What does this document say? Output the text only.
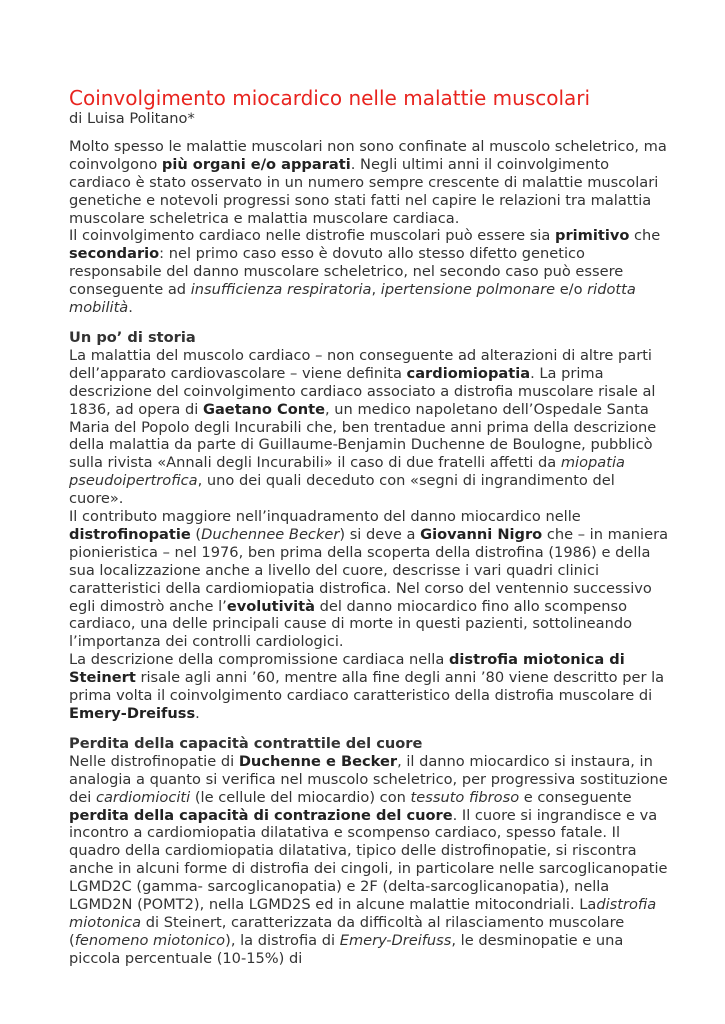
Coinvolgimento miocardico nelle malattie muscolari

di Luisa Politano*

Molto spesso le malattie muscolari non sono confinate al muscolo scheletrico, ma coinvolgono più organi e/o apparati. Negli ultimi anni il coinvolgimento cardiaco è stato osservato in un numero sempre crescente di malattie muscolari genetiche e notevoli progressi sono stati fatti nel capire le relazioni tra malattia muscolare scheletrica e malattia muscolare cardiaca.

Il coinvolgimento cardiaco nelle distrofie muscolari può essere sia primitivo che secondario: nel primo caso esso è dovuto allo stesso difetto genetico responsabile del danno muscolare scheletrico, nel secondo caso può essere conseguente ad insufficienza respiratoria, ipertensione polmonare e/o ridotta mobilità.

Un po’ di storia

La malattia del muscolo cardiaco – non conseguente ad alterazioni di altre parti dell’apparato cardiovascolare – viene definita cardiomiopatia. La prima descrizione del coinvolgimento cardiaco associato a distrofia muscolare risale al 1836, ad opera di Gaetano Conte, un medico napoletano dell’Ospedale Santa Maria del Popolo degli Incurabili che, ben trentadue anni prima della descrizione della malattia da parte di Guillaume-Benjamin Duchenne de Boulogne, pubblicò sulla rivista «Annali degli Incurabili» il caso di due fratelli affetti da miopatia pseudoipertrofica, uno dei quali deceduto con «segni di ingrandimento del cuore».

Il contributo maggiore nell’inquadramento del danno miocardico nelle distrofinopatie (Duchennee Becker) si deve a Giovanni Nigro che – in maniera pionieristica – nel 1976, ben prima della scoperta della distrofina (1986) e della sua localizzazione anche a livello del cuore, descrisse i vari quadri clinici caratteristici della cardiomiopatia distrofica. Nel corso del ventennio successivo egli dimostrò anche l’evolutività del danno miocardico fino allo scompenso cardiaco, una delle principali cause di morte in questi pazienti, sottolineando l’importanza dei controlli cardiologici.

La descrizione della compromissione cardiaca nella distrofia miotonica di Steinert risale agli anni ’60, mentre alla fine degli anni ’80 viene descritto per la prima volta il coinvolgimento cardiaco caratteristico della distrofia muscolare di Emery-Dreifuss.

Perdita della capacità contrattile del cuore

Nelle distrofinopatie di Duchenne e Becker, il danno miocardico si instaura, in analogia a quanto si verifica nel muscolo scheletrico, per progressiva sostituzione dei cardiomiociti (le cellule del miocardio) con tessuto fibroso e conseguente perdita della capacità di contrazione del cuore. Il cuore si ingrandisce e va incontro a cardiomiopatia dilatativa e scompenso cardiaco, spesso fatale. Il quadro della cardiomiopatia dilatativa, tipico delle distrofinopatie, si riscontra anche in alcuni forme di distrofia dei cingoli, in particolare nelle sarcoglicanopatie LGMD2C (gamma- sarcoglicanopatia) e 2F (delta-sarcoglicanopatia), nella LGMD2N (POMT2), nella LGMD2S ed in alcune malattie mitocondriali. Ladistrofia miotonica di Steinert, caratterizzata da difficoltà al rilasciamento muscolare (fenomeno miotonico), la distrofia di Emery-Dreifuss, le desminopatie e una piccola percentuale (10-15%) di
